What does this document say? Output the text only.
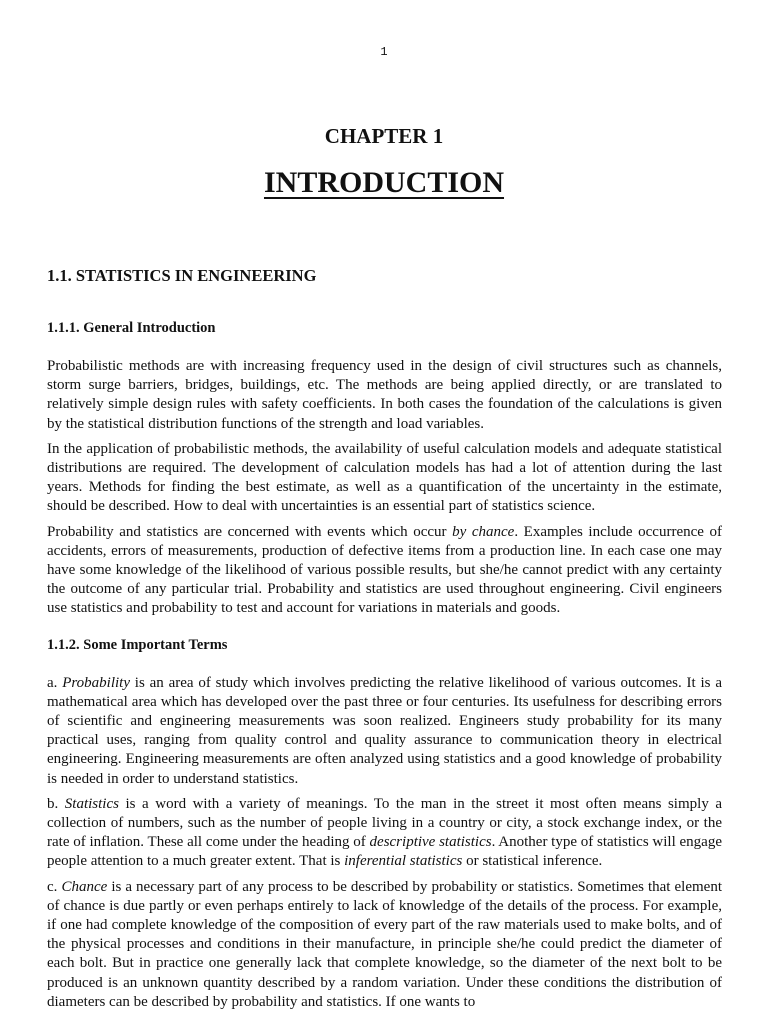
1
CHAPTER 1
INTRODUCTION
1.1. STATISTICS IN ENGINEERING
1.1.1. General Introduction

Probabilistic methods are with increasing frequency used in the design of civil structures such as channels, storm surge barriers, bridges, buildings, etc. The methods are being applied directly, or are translated to relatively simple design rules with safety coefficients. In both cases the foundation of the calculations is given by the statistical distribution functions of the strength and load variables.

In the application of probabilistic methods, the availability of useful calculation models and adequate statistical distributions are required. The development of calculation models has had a lot of attention during the last years. Methods for finding the best estimate, as well as a quantification of the uncertainty in the estimate, should be described. How to deal with uncertainties is an essential part of statistics science.

Probability and statistics are concerned with events which occur by chance. Examples include occurrence of accidents, errors of measurements, production of defective items from a production line. In each case one may have some knowledge of the likelihood of various possible results, but she/he cannot predict with any certainty the outcome of any particular trial. Probability and statistics are used throughout engineering. Civil engineers use statistics and probability to test and account for variations in materials and goods.

1.1.2. Some Important Terms

a. Probability is an area of study which involves predicting the relative likelihood of various outcomes. It is a mathematical area which has developed over the past three or four centuries. Its usefulness for describing errors of scientific and engineering measurements was soon realized. Engineers study probability for its many practical uses, ranging from quality control and quality assurance to communication theory in electrical engineering. Engineering measurements are often analyzed using statistics and a good knowledge of probability is needed in order to understand statistics.

b. Statistics is a word with a variety of meanings. To the man in the street it most often means simply a collection of numbers, such as the number of people living in a country or city, a stock exchange index, or the rate of inflation. These all come under the heading of descriptive statistics. Another type of statistics will engage people attention to a much greater extent. That is inferential statistics or statistical inference.

c. Chance is a necessary part of any process to be described by probability or statistics. Sometimes that element of chance is due partly or even perhaps entirely to lack of knowledge of the details of the process. For example, if one had complete knowledge of the composition of every part of the raw materials used to make bolts, and of the physical processes and conditions in their manufacture, in principle she/he could predict the diameter of each bolt. But in practice one generally lack that complete knowledge, so the diameter of the next bolt to be produced is an unknown quantity described by a random variation. Under these conditions the distribution of diameters can be described by probability and statistics. If one wants to
